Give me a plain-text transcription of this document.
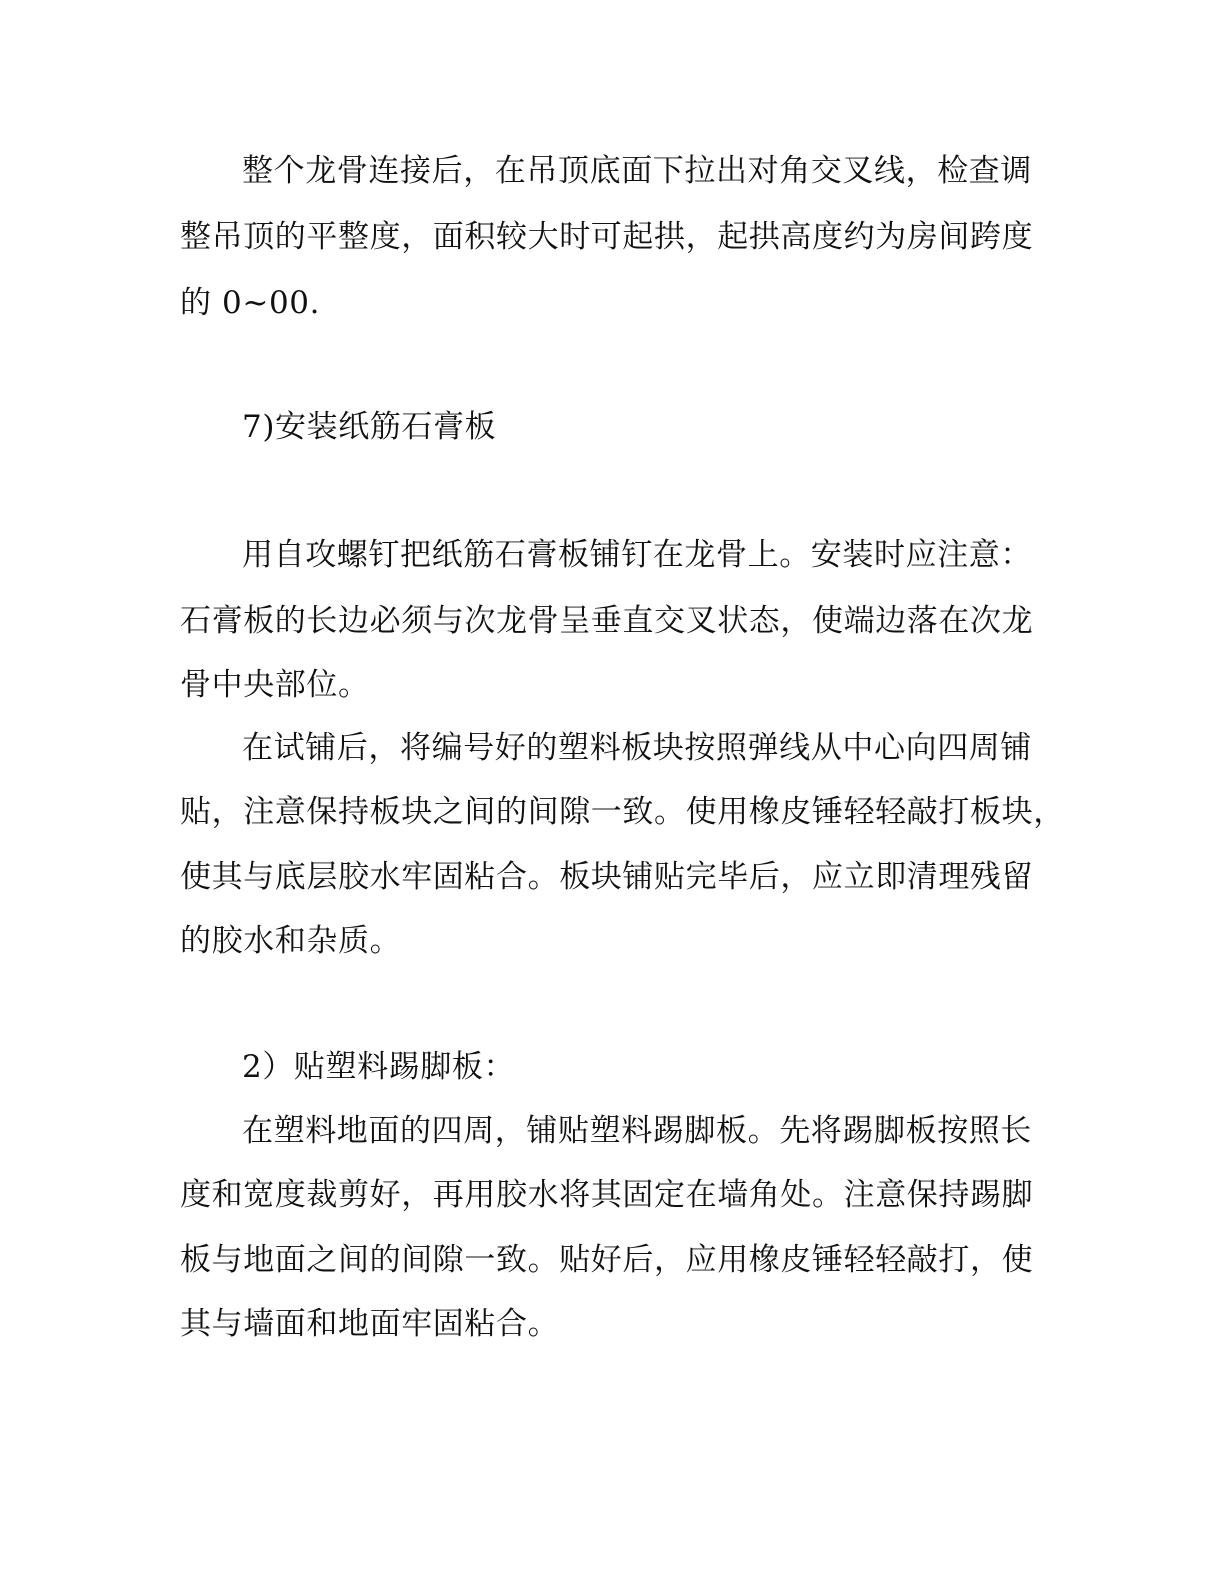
整个龙骨连接后，在吊顶底面下拉出对角交叉线，检查调
整吊顶的平整度，面积较大时可起拱，起拱高度约为房间跨度
的 0~00.
7)安装纸筋石膏板
用自攻螺钉把纸筋石膏板铺钉在龙骨上。安装时应注意：
石膏板的长边必须与次龙骨呈垂直交叉状态，使端边落在次龙
骨中央部位。
在试铺后，将编号好的塑料板块按照弹线从中心向四周铺
贴，注意保持板块之间的间隙一致。使用橡皮锤轻轻敲打板块，
使其与底层胶水牢固粘合。板块铺贴完毕后，应立即清理残留
的胶水和杂质。
2）贴塑料踢脚板：
在塑料地面的四周，铺贴塑料踢脚板。先将踢脚板按照长
度和宽度裁剪好，再用胶水将其固定在墙角处。注意保持踢脚
板与地面之间的间隙一致。贴好后，应用橡皮锤轻轻敲打，使
其与墙面和地面牢固粘合。
